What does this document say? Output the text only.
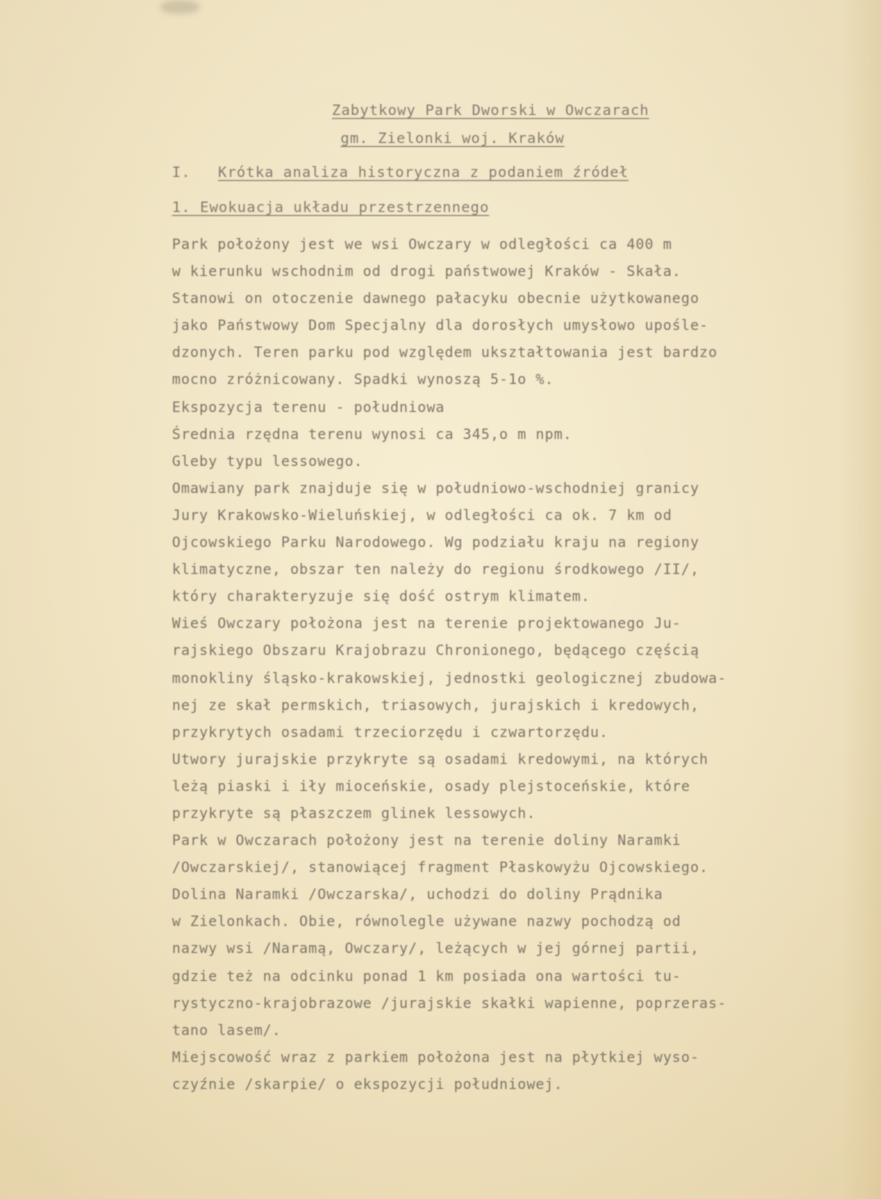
Zabytkowy Park Dworski w Owczarach
gm. Zielonki woj. Kraków
I. Krótka analiza historyczna z podaniem źródeł
1. Ewokuacja układu przestrzennego
Park położony jest we wsi Owczary w odległości ca 400 m
w kierunku wschodnim od drogi państwowej Kraków - Skała.
Stanowi on otoczenie dawnego pałacyku obecnie użytkowanego
jako Państwowy Dom Specjalny dla dorosłych umysłowo upośle-
dzonych. Teren parku pod względem ukształtowania jest bardzo
mocno zróżnicowany. Spadki wynoszą 5-1o %.
Ekspozycja terenu - południowa
Średnia rzędna terenu wynosi ca 345,o m npm.
Gleby typu lessowego.
Omawiany park znajduje się w południowo-wschodniej granicy
Jury Krakowsko-Wieluńskiej, w odległości ca ok. 7 km od
Ojcowskiego Parku Narodowego. Wg podziału kraju na regiony
klimatyczne, obszar ten należy do regionu środkowego /II/,
który charakteryzuje się dość ostrym klimatem.
Wieś Owczary położona jest na terenie projektowanego Ju-
rajskiego Obszaru Krajobrazu Chronionego, będącego częścią
monokliny śląsko-krakowskiej, jednostki geologicznej zbudowa-
nej ze skał permskich, triasowych, jurajskich i kredowych,
przykrytych osadami trzeciorzędu i czwartorzędu.
Utwory jurajskie przykryte są osadami kredowymi, na których
leżą piaski i iły mioceńskie, osady plejstoceńskie, które
przykryte są płaszczem glinek lessowych.
Park w Owczarach położony jest na terenie doliny Naramki
/Owczarskiej/, stanowiącej fragment Płaskowyżu Ojcowskiego.
Dolina Naramki /Owczarska/, uchodzi do doliny Prądnika
w Zielonkach. Obie, równolegle używane nazwy pochodzą od
nazwy wsi /Naramą, Owczary/, leżących w jej górnej partii,
gdzie też na odcinku ponad 1 km posiada ona wartości tu-
rystyczno-krajobrazowe /jurajskie skałki wapienne, poprzeras-
tano lasem/.
Miejscowość wraz z parkiem położona jest na płytkiej wyso-
czyźnie /skarpie/ o ekspozycji południowej.
